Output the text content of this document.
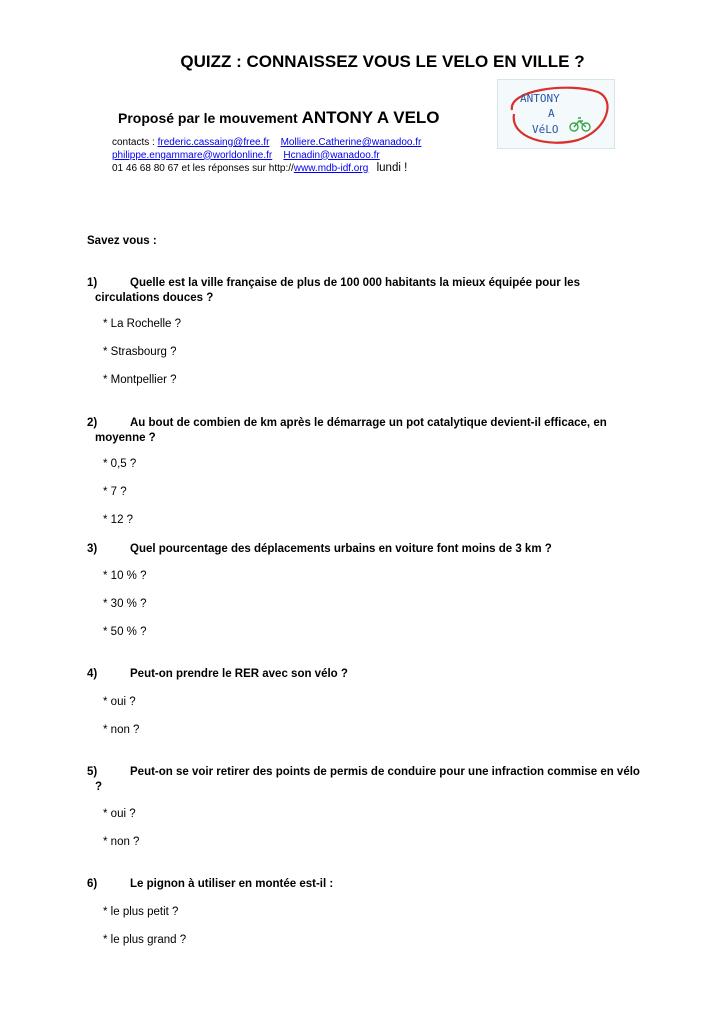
QUIZZ : CONNAISSEZ VOUS LE VELO EN VILLE ?
Proposé par le mouvement ANTONY A VELO
ANTONY
A
VéLO
contacts : frederic.cassaing@free.fr Molliere.Catherine@wanadoo.fr
philippe.engammare@worldonline.fr Hcnadin@wanadoo.fr
01 46 68 80 67 et les réponses sur http://www.mdb-idf.org lundi !
Savez vous :
1)	Quelle est la ville française de plus de 100 000 habitants la mieux équipée pour les
circulations douces ?
* La Rochelle ?
* Strasbourg ?
* Montpellier ?
2)	Au bout de combien de km après le démarrage un pot catalytique devient-il efficace, en
moyenne ?
* 0,5 ?
* 7 ?
* 12 ?
3)	Quel pourcentage des déplacements urbains en voiture font moins de 3 km ?
* 10 % ?
* 30 % ?
* 50 % ?
4)	Peut-on prendre le RER avec son vélo ?
* oui ?
* non ?
5)	Peut-on se voir retirer des points de permis de conduire pour une infraction commise en vélo
?
* oui ?
* non ?
6)	Le pignon à utiliser en montée est-il :
* le plus petit ?
* le plus grand ?
